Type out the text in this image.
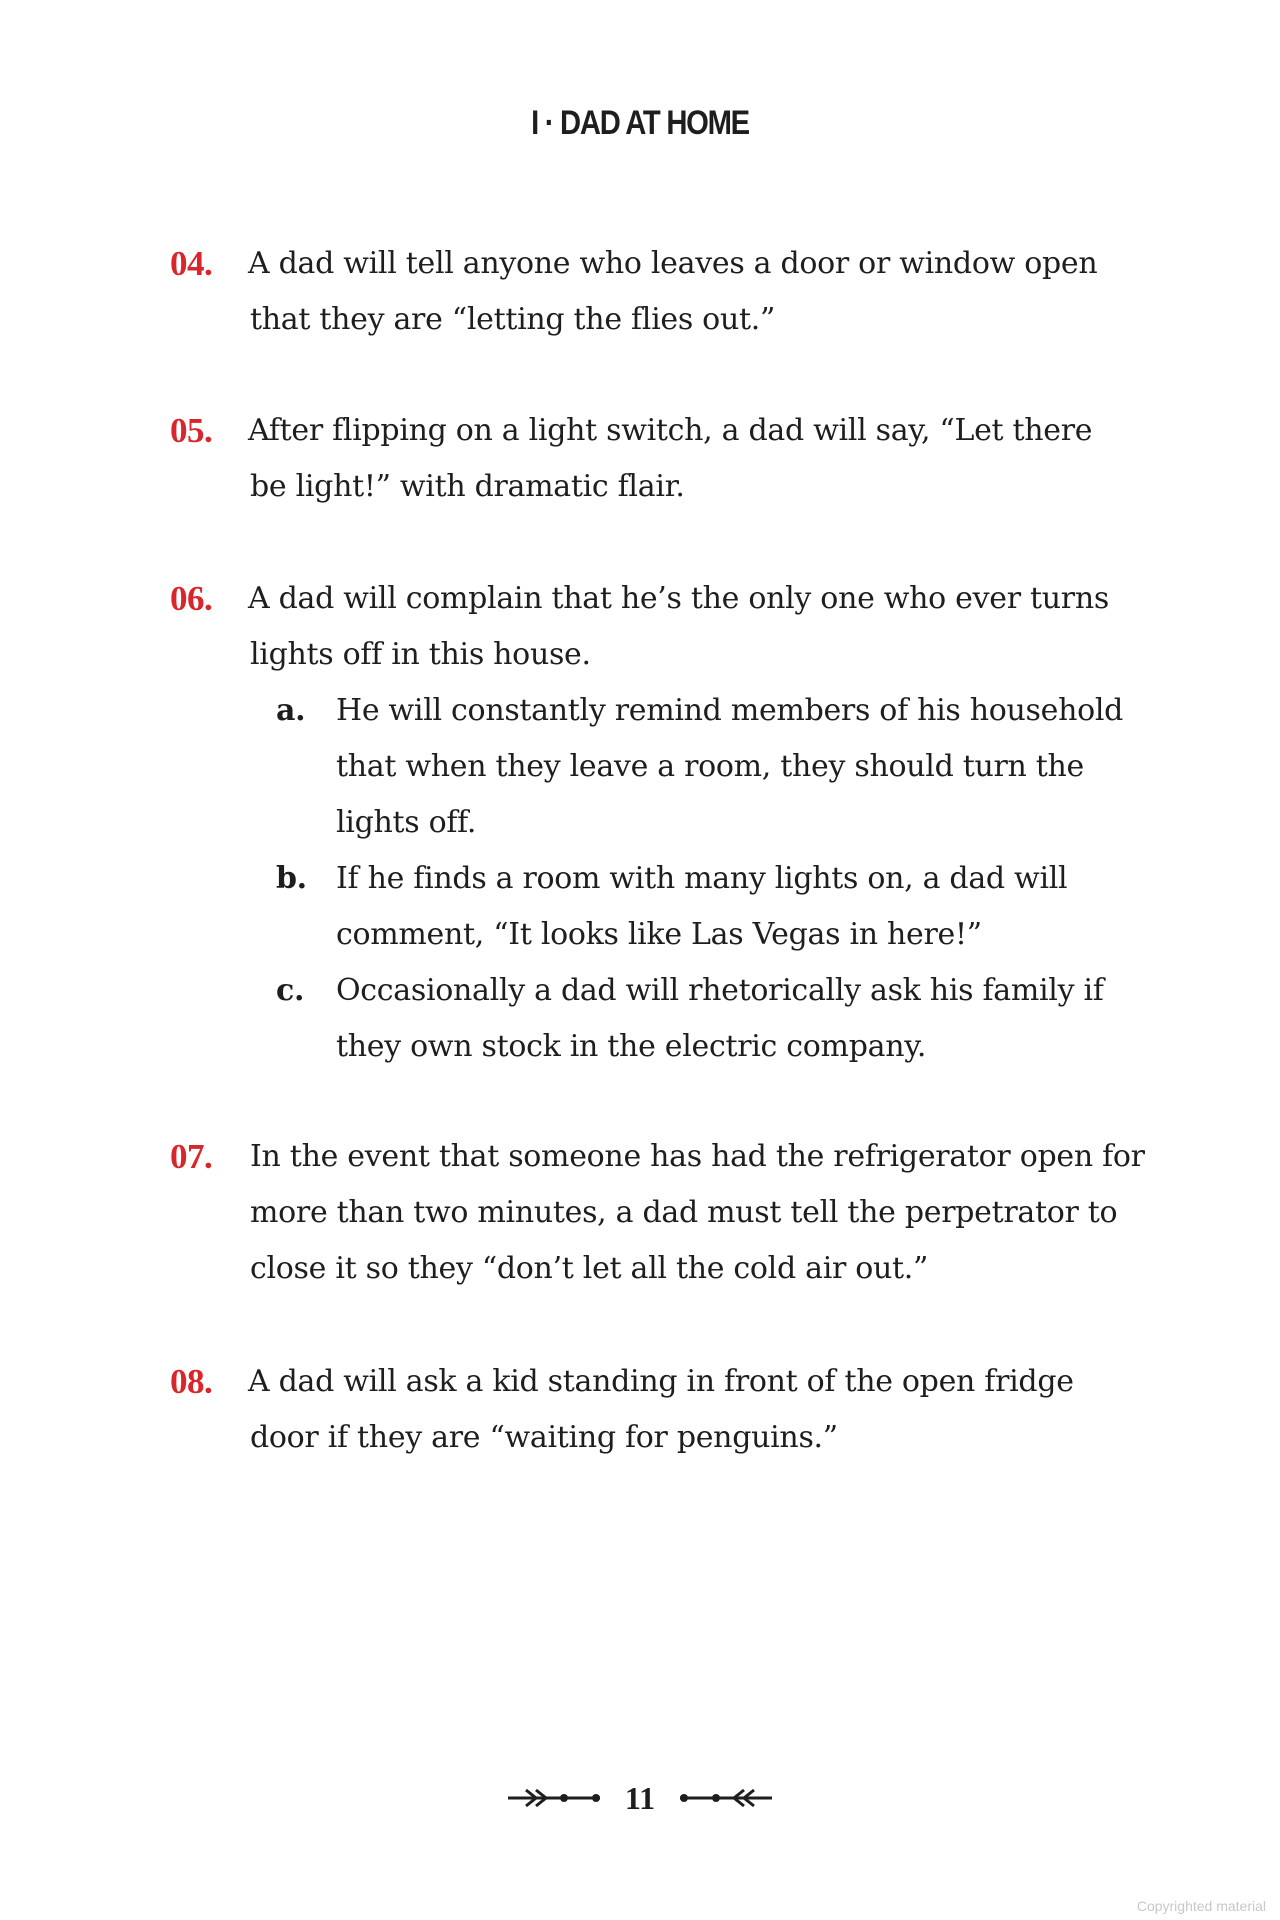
I · DAD AT HOME
04. A dad will tell anyone who leaves a door or window open
that they are “letting the flies out.”
05. After flipping on a light switch, a dad will say, “Let there
be light!” with dramatic flair.
06. A dad will complain that he’s the only one who ever turns
lights off in this house.
a. He will constantly remind members of his household
that when they leave a room, they should turn the
lights off.
b. If he finds a room with many lights on, a dad will
comment, “It looks like Las Vegas in here!”
c. Occasionally a dad will rhetorically ask his family if
they own stock in the electric company.
07. In the event that someone has had the refrigerator open for
more than two minutes, a dad must tell the perpetrator to
close it so they “don’t let all the cold air out.”
08. A dad will ask a kid standing in front of the open fridge
door if they are “waiting for penguins.”
11
Copyrighted material
